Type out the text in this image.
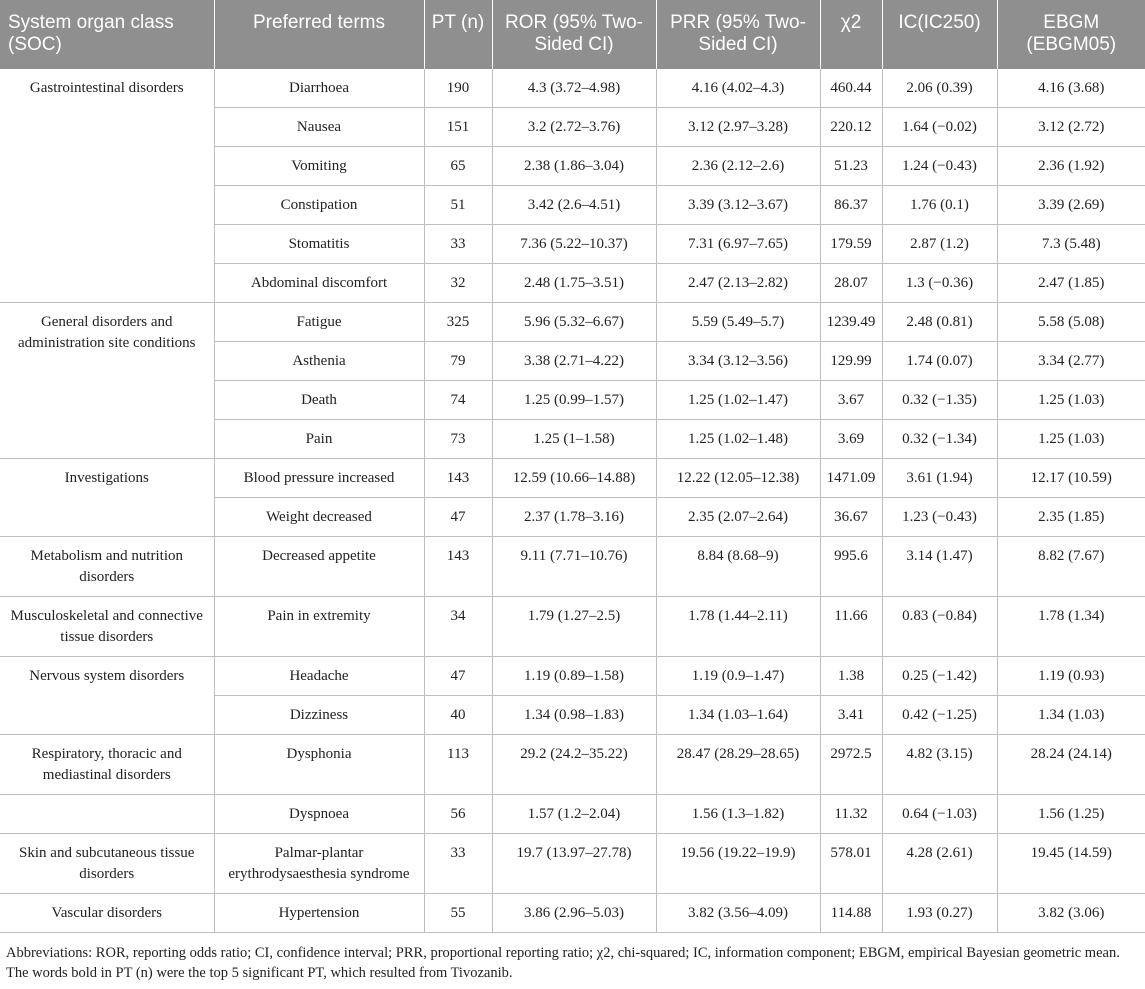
System organ class (SOC)	Preferred terms	PT (n)	ROR (95% Two-Sided CI)	PRR (95% Two-Sided CI)	χ2	IC(IC250)	EBGM (EBGM05)
Gastrointestinal disorders	Diarrhoea	190	4.3 (3.72–4.98)	4.16 (4.02–4.3)	460.44	2.06 (0.39)	4.16 (3.68)
	Nausea	151	3.2 (2.72–3.76)	3.12 (2.97–3.28)	220.12	1.64 (−0.02)	3.12 (2.72)
	Vomiting	65	2.38 (1.86–3.04)	2.36 (2.12–2.6)	51.23	1.24 (−0.43)	2.36 (1.92)
	Constipation	51	3.42 (2.6–4.51)	3.39 (3.12–3.67)	86.37	1.76 (0.1)	3.39 (2.69)
	Stomatitis	33	7.36 (5.22–10.37)	7.31 (6.97–7.65)	179.59	2.87 (1.2)	7.3 (5.48)
	Abdominal discomfort	32	2.48 (1.75–3.51)	2.47 (2.13–2.82)	28.07	1.3 (−0.36)	2.47 (1.85)
General disorders and administration site conditions	Fatigue	325	5.96 (5.32–6.67)	5.59 (5.49–5.7)	1239.49	2.48 (0.81)	5.58 (5.08)
	Asthenia	79	3.38 (2.71–4.22)	3.34 (3.12–3.56)	129.99	1.74 (0.07)	3.34 (2.77)
	Death	74	1.25 (0.99–1.57)	1.25 (1.02–1.47)	3.67	0.32 (−1.35)	1.25 (1.03)
	Pain	73	1.25 (1–1.58)	1.25 (1.02–1.48)	3.69	0.32 (−1.34)	1.25 (1.03)
Investigations	Blood pressure increased	143	12.59 (10.66–14.88)	12.22 (12.05–12.38)	1471.09	3.61 (1.94)	12.17 (10.59)
	Weight decreased	47	2.37 (1.78–3.16)	2.35 (2.07–2.64)	36.67	1.23 (−0.43)	2.35 (1.85)
Metabolism and nutrition disorders	Decreased appetite	143	9.11 (7.71–10.76)	8.84 (8.68–9)	995.6	3.14 (1.47)	8.82 (7.67)
Musculoskeletal and connective tissue disorders	Pain in extremity	34	1.79 (1.27–2.5)	1.78 (1.44–2.11)	11.66	0.83 (−0.84)	1.78 (1.34)
Nervous system disorders	Headache	47	1.19 (0.89–1.58)	1.19 (0.9–1.47)	1.38	0.25 (−1.42)	1.19 (0.93)
	Dizziness	40	1.34 (0.98–1.83)	1.34 (1.03–1.64)	3.41	0.42 (−1.25)	1.34 (1.03)
Respiratory, thoracic and mediastinal disorders	Dysphonia	113	29.2 (24.2–35.22)	28.47 (28.29–28.65)	2972.5	4.82 (3.15)	28.24 (24.14)
	Dyspnoea	56	1.57 (1.2–2.04)	1.56 (1.3–1.82)	11.32	0.64 (−1.03)	1.56 (1.25)
Skin and subcutaneous tissue disorders	Palmar-plantar erythrodysaesthesia syndrome	33	19.7 (13.97–27.78)	19.56 (19.22–19.9)	578.01	4.28 (2.61)	19.45 (14.59)
Vascular disorders	Hypertension	55	3.86 (2.96–5.03)	3.82 (3.56–4.09)	114.88	1.93 (0.27)	3.82 (3.06)
Abbreviations: ROR, reporting odds ratio; CI, confidence interval; PRR, proportional reporting ratio; χ2, chi-squared; IC, information component; EBGM, empirical Bayesian geometric mean. The words bold in PT (n) were the top 5 significant PT, which resulted from Tivozanib.
